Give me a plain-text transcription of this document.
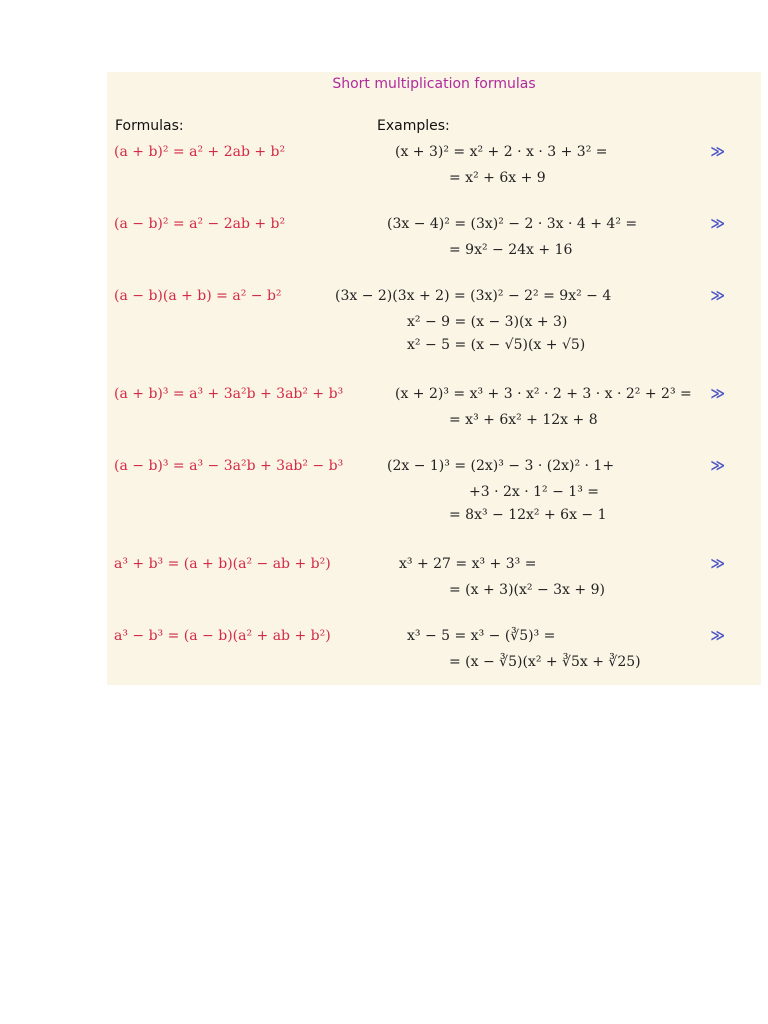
Short multiplication formulas
Formulas:	Examples:
(a + b)² = a² + 2ab + b²	(x + 3)² = x² + 2 · x · 3 + 3² =
= x² + 6x + 9
≫
(a − b)² = a² − 2ab + b²	(3x − 4)² = (3x)² − 2 · 3x · 4 + 4² =
= 9x² − 24x + 16
≫
(a − b)(a + b) = a² − b²	(3x − 2)(3x + 2) = (3x)² − 2² = 9x² − 4
x² − 9 = (x − 3)(x + 3)
x² − 5 = (x − √5)(x + √5)
≫
(a + b)³ = a³ + 3a²b + 3ab² + b³	(x + 2)³ = x³ + 3 · x² · 2 + 3 · x · 2² + 2³ =
= x³ + 6x² + 12x + 8
≫
(a − b)³ = a³ − 3a²b + 3ab² − b³	(2x − 1)³ = (2x)³ − 3 · (2x)² · 1+
+3 · 2x · 1² − 1³ =
= 8x³ − 12x² + 6x − 1
≫
a³ + b³ = (a + b)(a² − ab + b²)	x³ + 27 = x³ + 3³ =
= (x + 3)(x² − 3x + 9)
≫
a³ − b³ = (a − b)(a² + ab + b²)	x³ − 5 = x³ − (∛5)³ =
= (x − ∛5)(x² + ∛5x + ∛25)
≫
